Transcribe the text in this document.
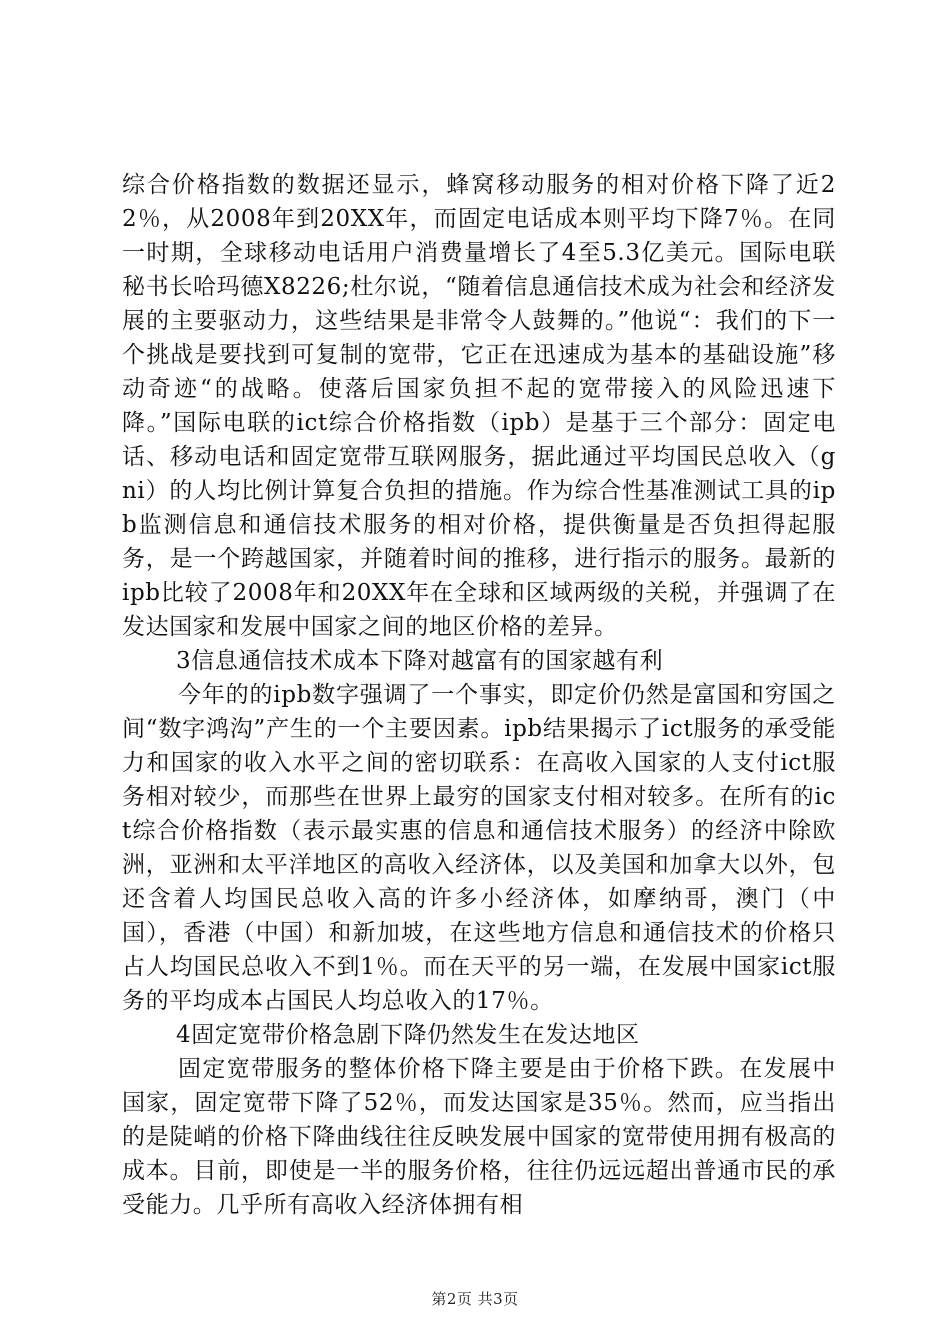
综合价格指数的数据还显示，蜂窝移动服务的相对价格下降了近22％，从2008年到20XX年，而固定电话成本则平均下降7％。在同一时期，全球移动电话用户消费量增长了4至5.3亿美元。国际电联秘书长哈玛德X8226;杜尔说，“随着信息通信技术成为社会和经济发展的主要驱动力，这些结果是非常令人鼓舞的。”他说“：我们的下一个挑战是要找到可复制的宽带，它正在迅速成为基本的基础设施”移动奇迹“的战略。使落后国家负担不起的宽带接入的风险迅速下降。”国际电联的ict综合价格指数（ipb）是基于三个部分：固定电话、移动电话和固定宽带互联网服务，据此通过平均国民总收入（gni）的人均比例计算复合负担的措施。作为综合性基准测试工具的ipb监测信息和通信技术服务的相对价格，提供衡量是否负担得起服务，是一个跨越国家，并随着时间的推移，进行指示的服务。最新的ipb比较了2008年和20XX年在全球和区域两级的关税，并强调了在发达国家和发展中国家之间的地区价格的差异。

3信息通信技术成本下降对越富有的国家越有利

今年的的ipb数字强调了一个事实，即定价仍然是富国和穷国之间“数字鸿沟”产生的一个主要因素。ipb结果揭示了ict服务的承受能力和国家的收入水平之间的密切联系：在高收入国家的人支付ict服务相对较少，而那些在世界上最穷的国家支付相对较多。在所有的ict综合价格指数（表示最实惠的信息和通信技术服务）的经济中除欧洲，亚洲和太平洋地区的高收入经济体，以及美国和加拿大以外，包还含着人均国民总收入高的许多小经济体，如摩纳哥，澳门（中国），香港（中国）和新加坡，在这些地方信息和通信技术的价格只占人均国民总收入不到1％。而在天平的另一端，在发展中国家ict服务的平均成本占国民人均总收入的17％。

4固定宽带价格急剧下降仍然发生在发达地区

固定宽带服务的整体价格下降主要是由于价格下跌。在发展中国家，固定宽带下降了52％，而发达国家是35％。然而，应当指出的是陡峭的价格下降曲线往往反映发展中国家的宽带使用拥有极高的成本。目前，即使是一半的服务价格，往往仍远远超出普通市民的承受能力。几乎所有高收入经济体拥有相

第2页 共3页
